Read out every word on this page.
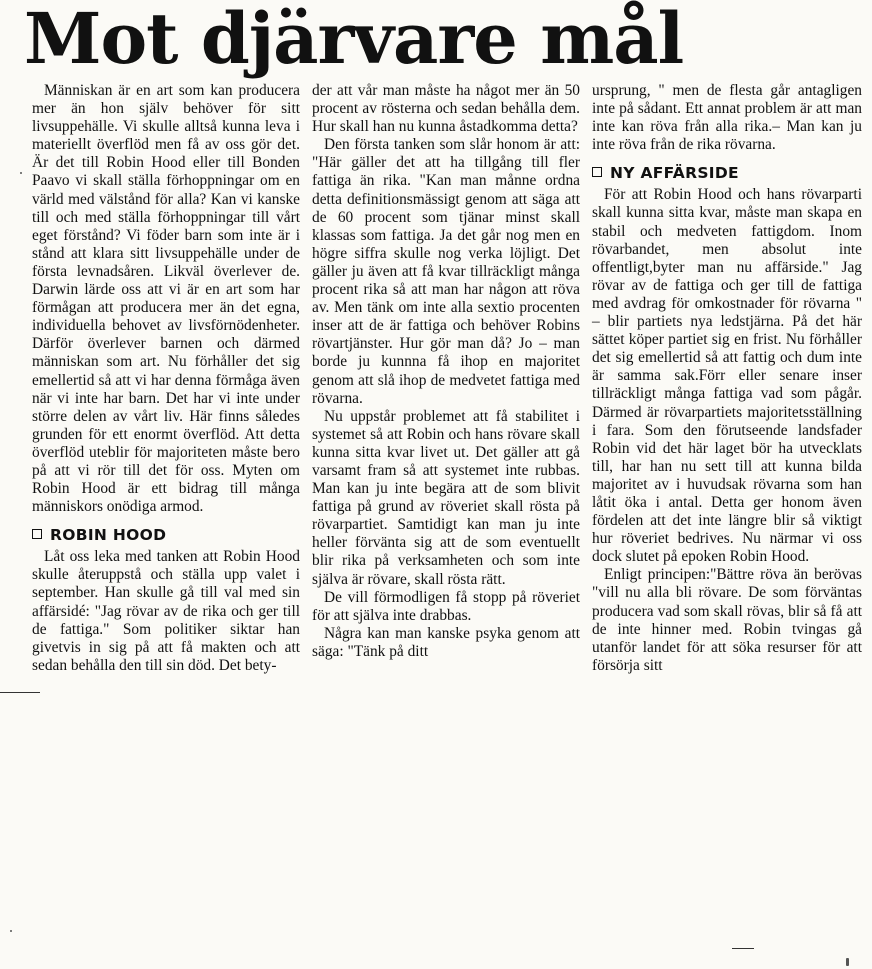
Mot djärvare mål

Människan är en art som kan producera mer än hon själv behöver för sitt livsuppehälle. Vi skulle alltså kunna leva i materiellt överflöd men få av oss gör det. Är det till Robin Hood eller till Bonden Paavo vi skall ställa förhoppningar om en värld med välstånd för alla? Kan vi kanske till och med ställa förhoppningar till vårt eget förstånd? Vi föder barn som inte är i stånd att klara sitt livsuppehälle under de första levnadsåren. Likväl överlever de. Darwin lärde oss att vi är en art som har förmågan att producera mer än det egna, individuella behovet av livsförnödenheter. Därför överlever barnen och därmed människan som art. Nu förhåller det sig emellertid så att vi har denna förmåga även när vi inte har barn. Det har vi inte under större delen av vårt liv. Här finns således grunden för ett enormt överflöd. Att detta överflöd uteblir för majoriteten måste bero på att vi rör till det för oss. Myten om Robin Hood är ett bidrag till många människors onödiga armod.

ROBIN HOOD

Låt oss leka med tanken att Robin Hood skulle återuppstå och ställa upp valet i september. Han skulle gå till val med sin affärsidé: "Jag rövar av de rika och ger till de fattiga." Som politiker siktar han givetvis in sig på att få makten och att sedan behålla den till sin död. Det bety-

der att vår man måste ha något mer än 50 procent av rösterna och sedan behålla dem. Hur skall han nu kunna åstadkomma detta?

Den första tanken som slår honom är att: "Här gäller det att ha tillgång till fler fattiga än rika. "Kan man månne ordna detta definitionsmässigt genom att säga att de 60 procent som tjänar minst skall klassas som fattiga. Ja det går nog men en högre siffra skulle nog verka löjligt. Det gäller ju även att få kvar tillräckligt många procent rika så att man har någon att röva av. Men tänk om inte alla sextio procenten inser att de är fattiga och behöver Robins rövartjänster. Hur gör man då? Jo – man borde ju kunnna få ihop en majoritet genom att slå ihop de medvetet fattiga med rövarna.

Nu uppstår problemet att få stabilitet i systemet så att Robin och hans rövare skall kunna sitta kvar livet ut. Det gäller att gå varsamt fram så att systemet inte rubbas. Man kan ju inte begära att de som blivit fattiga på grund av röveriet skall rösta på rövarpartiet. Samtidigt kan man ju inte heller förvänta sig att de som eventuellt blir rika på verksamheten och som inte själva är rövare, skall rösta rätt.

De vill förmodligen få stopp på röveriet för att själva inte drabbas.

Några kan man kanske psyka genom att säga: "Tänk på ditt

ursprung, " men de flesta går antagligen inte på sådant. Ett annat problem är att man inte kan röva från alla rika.– Man kan ju inte röva från de rika rövarna.

NY AFFÄRSIDE

För att Robin Hood och hans rövarparti skall kunna sitta kvar, måste man skapa en stabil och medveten fattigdom. Inom rövarbandet, men absolut inte offentligt,byter man nu affärside." Jag rövar av de fattiga och ger till de fattiga med avdrag för omkostnader för rövarna " – blir partiets nya ledstjärna. På det här sättet köper partiet sig en frist. Nu förhåller det sig emellertid så att fattig och dum inte är samma sak.Förr eller senare inser tillräckligt många fattiga vad som pågår. Därmed är rövarpartiets majoritetsställning i fara. Som den förutseende landsfader Robin vid det här laget bör ha utvecklats till, har han nu sett till att kunna bilda majoritet av i huvudsak rövarna som han låtit öka i antal. Detta ger honom även fördelen att det inte längre blir så viktigt hur röveriet bedrives. Nu närmar vi oss dock slutet på epoken Robin Hood.

Enligt principen:"Bättre röva än berövas "vill nu alla bli rövare. De som förväntas producera vad som skall rövas, blir så få att de inte hinner med. Robin tvingas gå utanför landet för att söka resurser för att försörja sitt
